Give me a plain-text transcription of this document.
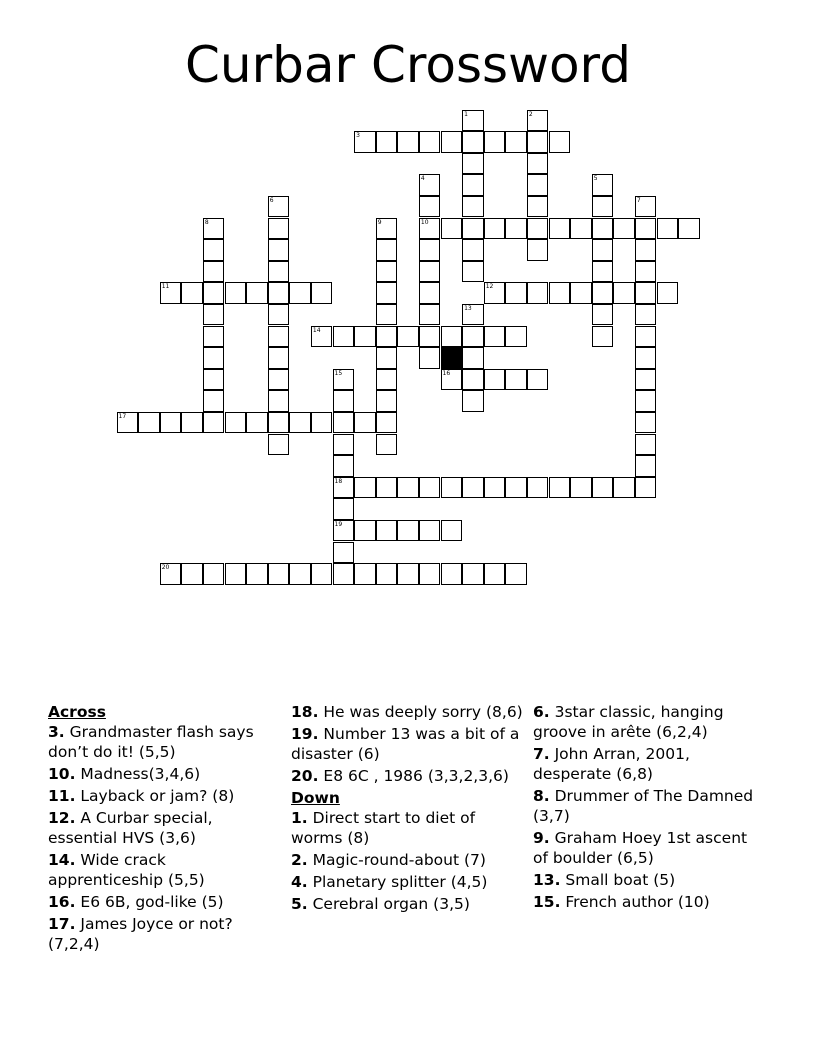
Curbar Crossword
1	2
3
4
10
5
6	7
8	9
11	12
13
14
15
18
19
16
17
20
Across
3. Grandmaster flash says don’t do it! (5,5)
10. Madness(3,4,6)
11. Layback or jam? (8)
12. A Curbar special, essential HVS (3,6)
14. Wide crack apprenticeship (5,5)
16. E6 6B, god-like (5)
17. James Joyce or not? (7,2,4)
18. He was deeply sorry (8,6)
19. Number 13 was a bit of a disaster (6)
20. E8 6C , 1986 (3,3,2,3,6)
Down
1. Direct start to diet of worms (8)
2. Magic-round-about (7)
4. Planetary splitter (4,5)
5. Cerebral organ (3,5)
6. 3star classic, hanging groove in arête (6,2,4)
7. John Arran, 2001, desperate (6,8)
8. Drummer of The Damned (3,7)
9. Graham Hoey 1st ascent of boulder (6,5)
13. Small boat (5)
15. French author (10)
